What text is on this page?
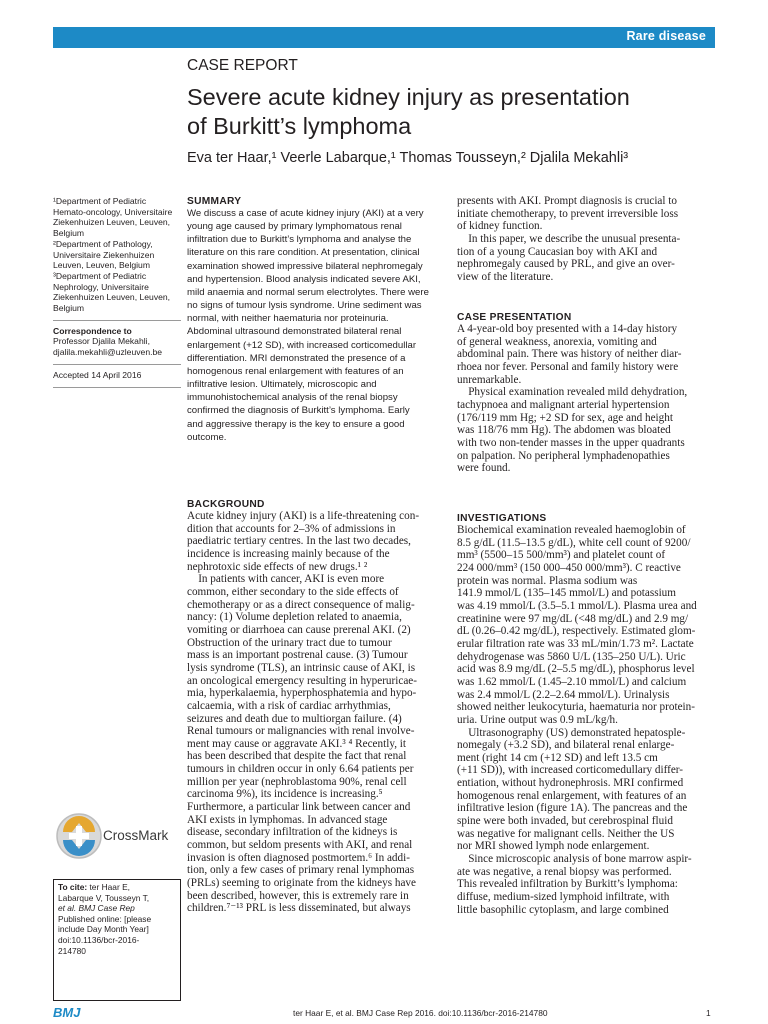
Rare disease
CASE REPORT
Severe acute kidney injury as presentation
of Burkitt’s lymphoma
Eva ter Haar,¹ Veerle Labarque,¹ Thomas Tousseyn,² Djalila Mekahli³
¹Department of Pediatric
Hemato-oncology, Universitaire
Ziekenhuizen Leuven, Leuven,
Belgium
²Department of Pathology,
Universitaire Ziekenhuizen
Leuven, Leuven, Belgium
³Department of Pediatric
Nephrology, Universitaire
Ziekenhuizen Leuven, Leuven,
Belgium
Correspondence to
Professor Djalila Mekahli,
djalila.mekahli@uzleuven.be
Accepted 14 April 2016
CrossMark
To cite: ter Haar E,
Labarque V, Tousseyn T,
et al. BMJ Case Rep
Published online: [please
include Day Month Year]
doi:10.1136/bcr-2016-
214780
SUMMARY
We discuss a case of acute kidney injury (AKI) at a very
young age caused by primary lymphomatous renal
infiltration due to Burkitt’s lymphoma and analyse the
literature on this rare condition. At presentation, clinical
examination showed impressive bilateral nephromegaly
and hypertension. Blood analysis indicated severe AKI,
mild anaemia and normal serum electrolytes. There were
no signs of tumour lysis syndrome. Urine sediment was
normal, with neither haematuria nor proteinuria.
Abdominal ultrasound demonstrated bilateral renal
enlargement (+12 SD), with increased corticomedullar
differentiation. MRI demonstrated the presence of a
homogenous renal enlargement with features of an
infiltrative lesion. Ultimately, microscopic and
immunohistochemical analysis of the renal biopsy
confirmed the diagnosis of Burkitt’s lymphoma. Early
and aggressive therapy is the key to ensure a good
outcome.
BACKGROUND
Acute kidney injury (AKI) is a life-threatening con-
dition that accounts for 2–3% of admissions in
paediatric tertiary centres. In the last two decades,
incidence is increasing mainly because of the
nephrotoxic side effects of new drugs.¹ ²
In patients with cancer, AKI is even more
common, either secondary to the side effects of
chemotherapy or as a direct consequence of malig-
nancy: (1) Volume depletion related to anaemia,
vomiting or diarrhoea can cause prerenal AKI. (2)
Obstruction of the urinary tract due to tumour
mass is an important postrenal cause. (3) Tumour
lysis syndrome (TLS), an intrinsic cause of AKI, is
an oncological emergency resulting in hyperuricae-
mia, hyperkalaemia, hyperphosphatemia and hypo-
calcaemia, with a risk of cardiac arrhythmias,
seizures and death due to multiorgan failure. (4)
Renal tumours or malignancies with renal involve-
ment may cause or aggravate AKI.³ ⁴ Recently, it
has been described that despite the fact that renal
tumours in children occur in only 6.64 patients per
million per year (nephroblastoma 90%, renal cell
carcinoma 9%), its incidence is increasing.⁵
Furthermore, a particular link between cancer and
AKI exists in lymphomas. In advanced stage
disease, secondary infiltration of the kidneys is
common, but seldom presents with AKI, and renal
invasion is often diagnosed postmortem.⁶ In addi-
tion, only a few cases of primary renal lymphomas
(PRLs) seeming to originate from the kidneys have
been described, however, this is extremely rare in
children.⁷⁻¹³ PRL is less disseminated, but always
presents with AKI. Prompt diagnosis is crucial to
initiate chemotherapy, to prevent irreversible loss
of kidney function.
In this paper, we describe the unusual presenta-
tion of a young Caucasian boy with AKI and
nephromegaly caused by PRL, and give an over-
view of the literature.
CASE PRESENTATION
A 4-year-old boy presented with a 14-day history
of general weakness, anorexia, vomiting and
abdominal pain. There was history of neither diar-
rhoea nor fever. Personal and family history were
unremarkable.
Physical examination revealed mild dehydration,
tachypnoea and malignant arterial hypertension
(176/119 mm Hg; +2 SD for sex, age and height
was 118/76 mm Hg). The abdomen was bloated
with two non-tender masses in the upper quadrants
on palpation. No peripheral lymphadenopathies
were found.
INVESTIGATIONS
Biochemical examination revealed haemoglobin of
8.5 g/dL (11.5–13.5 g/dL), white cell count of 9200/
mm³ (5500–15 500/mm³) and platelet count of
224 000/mm³ (150 000–450 000/mm³). C reactive
protein was normal. Plasma sodium was
141.9 mmol/L (135–145 mmol/L) and potassium
was 4.19 mmol/L (3.5–5.1 mmol/L). Plasma urea and
creatinine were 97 mg/dL (<48 mg/dL) and 2.9 mg/
dL (0.26–0.42 mg/dL), respectively. Estimated glom-
erular filtration rate was 33 mL/min/1.73 m². Lactate
dehydrogenase was 5860 U/L (135–250 U/L). Uric
acid was 8.9 mg/dL (2–5.5 mg/dL), phosphorus level
was 1.62 mmol/L (1.45–2.10 mmol/L) and calcium
was 2.4 mmol/L (2.2–2.64 mmol/L). Urinalysis
showed neither leukocyturia, haematuria nor protein-
uria. Urine output was 0.9 mL/kg/h.
Ultrasonography (US) demonstrated hepatosple-
nomegaly (+3.2 SD), and bilateral renal enlarge-
ment (right 14 cm (+12 SD) and left 13.5 cm
(+11 SD)), with increased corticomedullary differ-
entiation, without hydronephrosis. MRI confirmed
homogenous renal enlargement, with features of an
infiltrative lesion (figure 1A). The pancreas and the
spine were both invaded, but cerebrospinal fluid
was negative for malignant cells. Neither the US
nor MRI showed lymph node enlargement.
Since microscopic analysis of bone marrow aspir-
ate was negative, a renal biopsy was performed.
This revealed infiltration by Burkitt’s lymphoma:
diffuse, medium-sized lymphoid infiltrate, with
little basophilic cytoplasm, and large combined
BMJ	ter Haar E, et al. BMJ Case Rep 2016. doi:10.1136/bcr-2016-214780	1
